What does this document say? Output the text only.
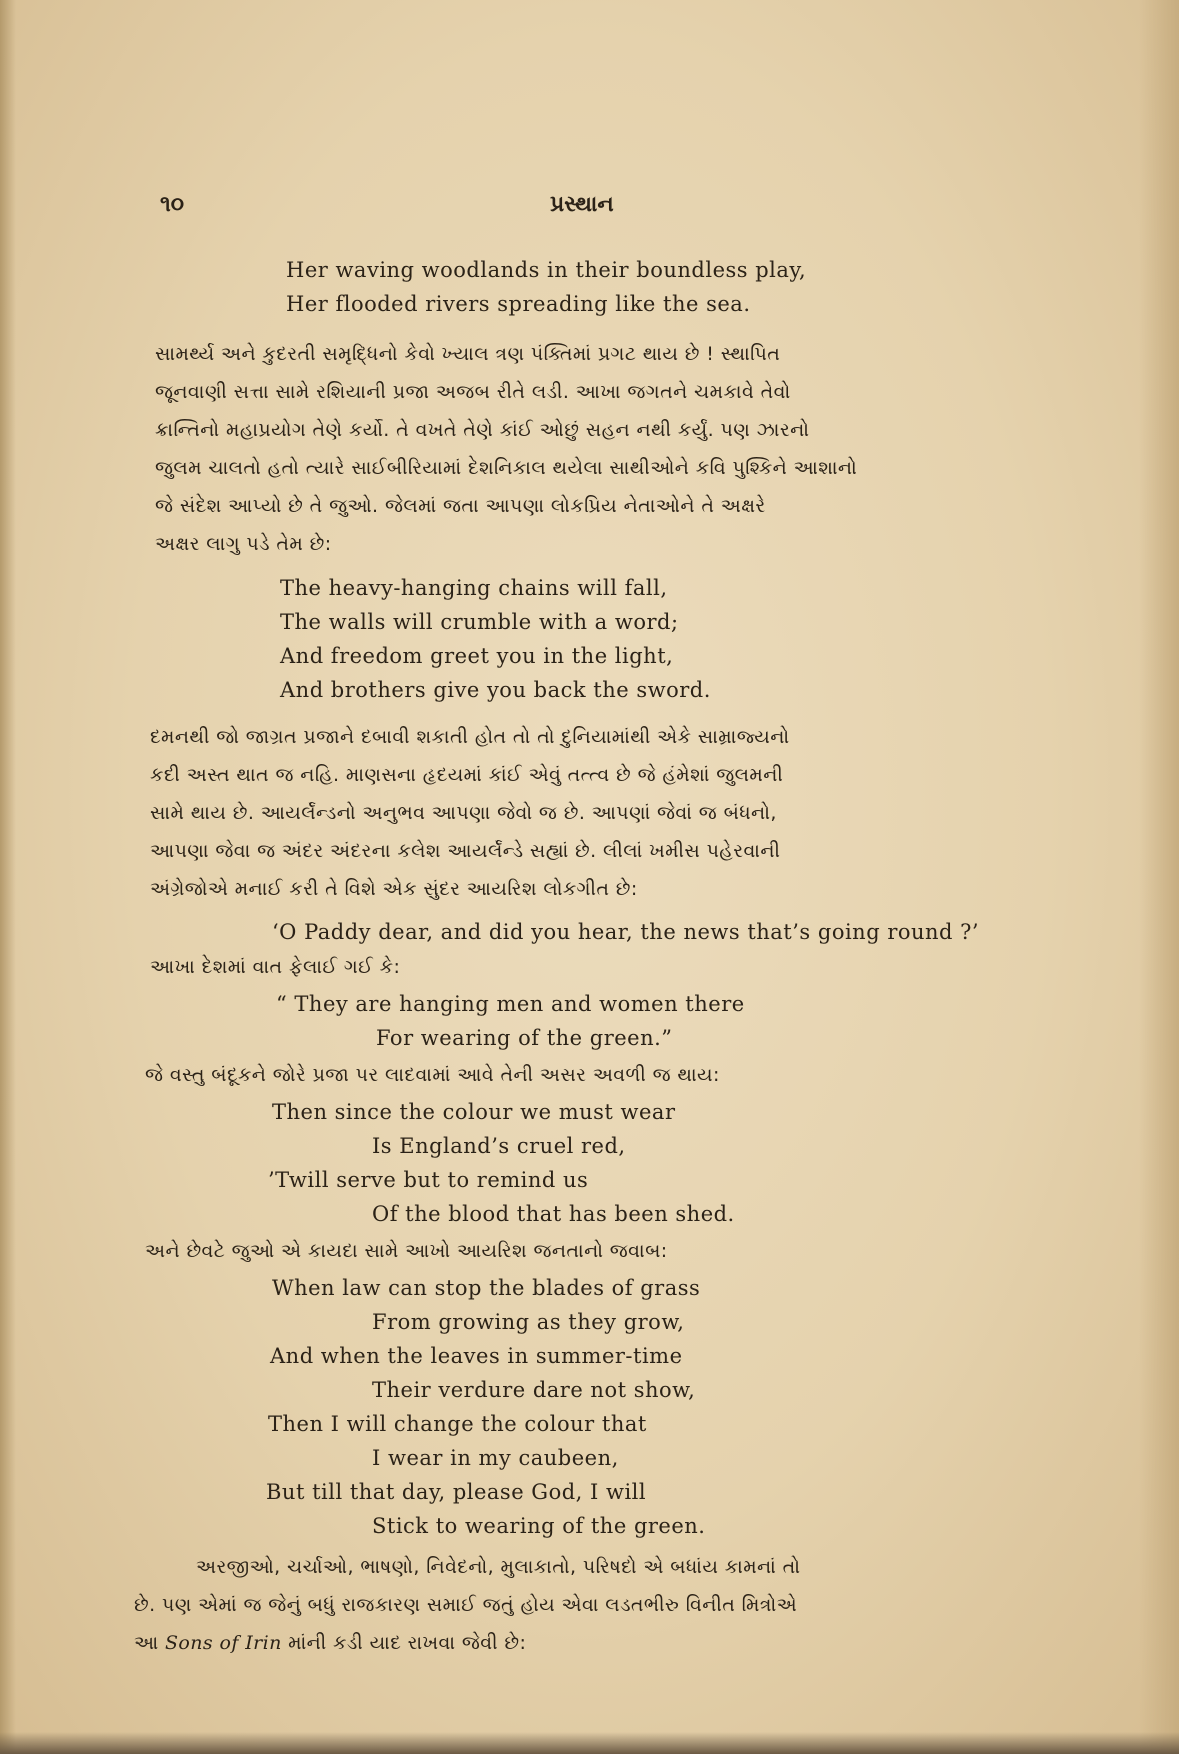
૧૦	પ્રસ્થાન
Her waving woodlands in their boundless play,
Her flooded rivers spreading like the sea.
સામર્થ્ય અને કુદરતી સમૃદ્ધિનો કેવો ખ્યાલ ત્રણ પંક્તિમાં પ્રગટ થાય છે ! સ્થાપિત
જૂનવાણી સત્તા સામે રશિયાની પ્રજા અજબ રીતે લડી. આખા જગતને ચમકાવે તેવો
ક્રાન્તિનો મહાપ્રયોગ તેણે કર્યો. તે વખતે તેણે કાંઈ ઓછું સહન નથી કર્યું. પણ ઝારનો
જુલમ ચાલતો હતો ત્યારે સાઈબીરિયામાં દેશનિકાલ થયેલા સાથીઓને કવિ પુશ્કિને આશાનો
જે સંદેશ આપ્યો છે તે જુઓ. જેલમાં જતા આપણા લોકપ્રિય નેતાઓને તે અક્ષરે
અક્ષર લાગુ પડે તેમ છે:
The heavy-hanging chains will fall,
The walls will crumble with a word;
And freedom greet you in the light,
And brothers give you back the sword.
દમનથી જો જાગ્રત પ્રજાને દબાવી શકાતી હોત તો તો દુનિયામાંથી એકે સામ્રાજ્યનો
કદી અસ્ત થાત જ નહિ. માણસના હૃદયમાં કાંઈ એવું તત્ત્વ છે જે હંમેશાં જુલમની
સામે થાય છે. આયર્લૅન્ડનો અનુભવ આપણા જેવો જ છે. આપણાં જેવાં જ બંધનો,
આપણા જેવા જ અંદર અંદરના કલેશ આયર્લૅન્ડે સહ્યાં છે. લીલાં ખમીસ પહેરવાની
અંગ્રેજોએ મનાઈ કરી તે વિશે એક સુંદર આયરિશ લોકગીત છે:
‘O Paddy dear, and did you hear, the news that’s going round ?’
આખા દેશમાં વાત ફેલાઈ ગઈ કે:
“ They are hanging men and women there
For wearing of the green.”
જે વસ્તુ બંદૂકને જોરે પ્રજા પર લાદવામાં આવે તેની અસર અવળી જ થાય:
Then since the colour we must wear
Is England’s cruel red,
’Twill serve but to remind us
Of the blood that has been shed.
અને છેવટે જુઓ એ કાયદા સામે આખો આયરિશ જનતાનો જવાબ:
When law can stop the blades of grass
From growing as they grow,
And when the leaves in summer-time
Their verdure dare not show,
Then I will change the colour that
I wear in my caubeen,
But till that day, please God, I will
Stick to wearing of the green.
અરજીઓ, ચર્ચાઓ, ભાષણો, નિવેદનો, મુલાકાતો, પરિષદો એ બધાંય કામનાં તો
છે. પણ એમાં જ જેનું બધું રાજકારણ સમાઈ જતું હોય એવા લડતભીરુ વિનીત મિત્રોએ
આ Sons of Irin માંની કડી યાદ રાખવા જેવી છે:
